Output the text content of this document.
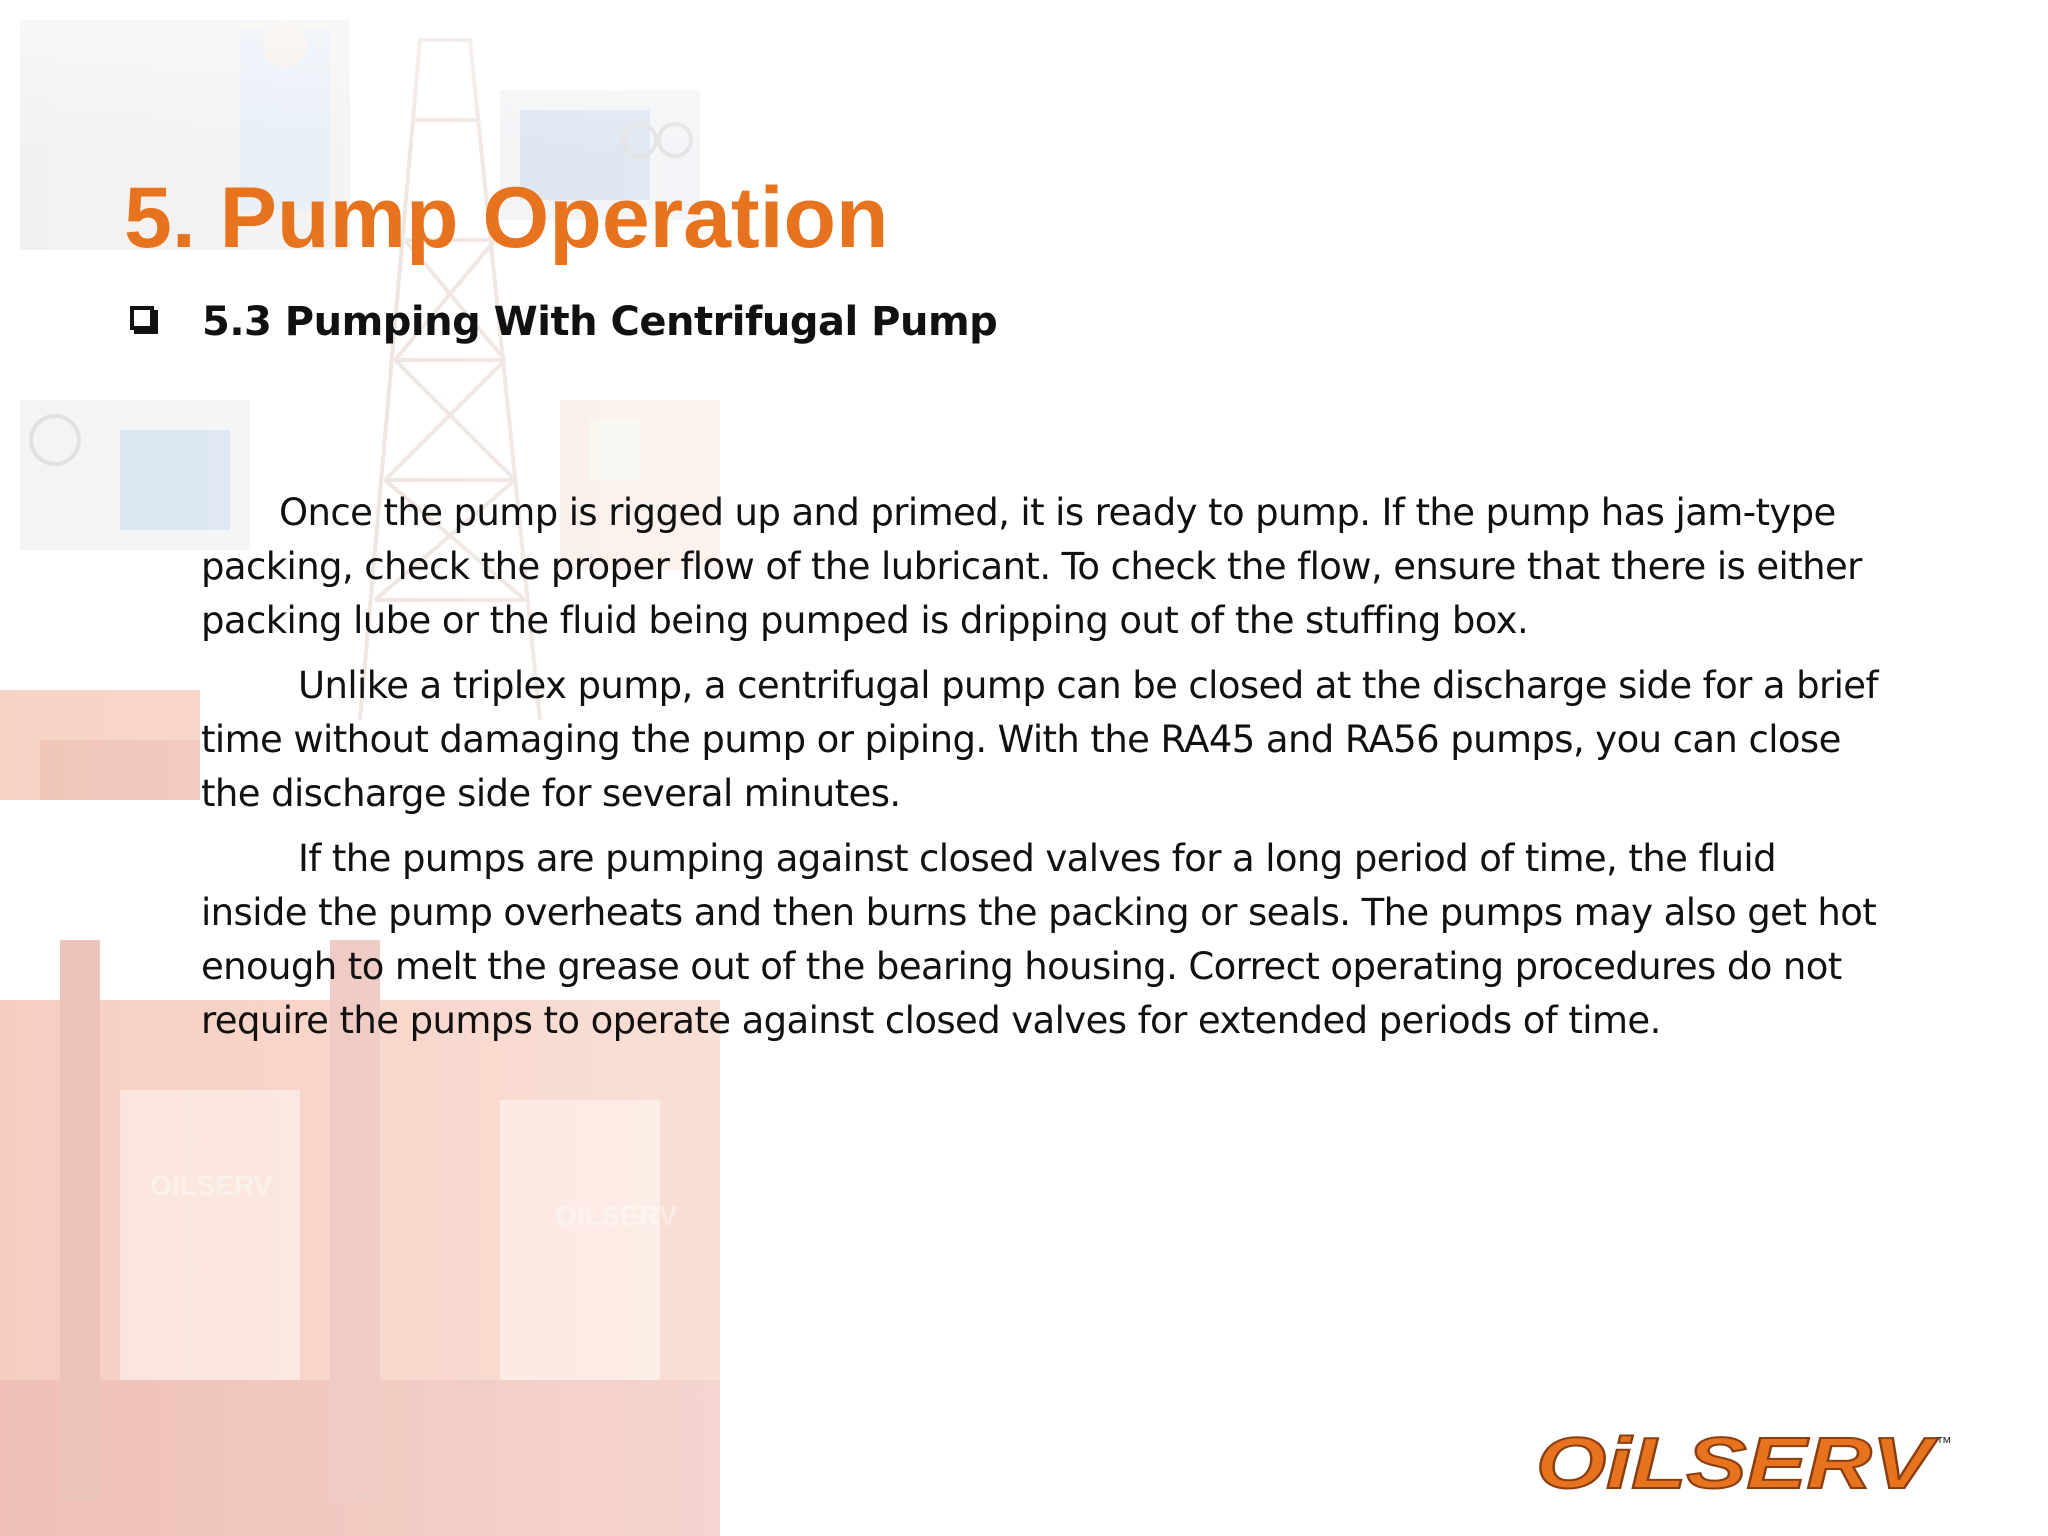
5. Pump Operation
5.3 Pumping With Centrifugal Pump

Once the pump is rigged up and primed, it is ready to pump. If the pump has jam-type
packing, check the proper flow of the lubricant. To check the flow, ensure that there is either
packing lube or the fluid being pumped is dripping out of the stuffing box.

Unlike a triplex pump, a centrifugal pump can be closed at the discharge side for a brief
time without damaging the pump or piping. With the RA45 and RA56 pumps, you can close
the discharge side for several minutes.

If the pumps are pumping against closed valves for a long period of time, the fluid
inside the pump overheats and then burns the packing or seals. The pumps may also get hot
enough to melt the grease out of the bearing housing. Correct operating procedures do not
require the pumps to operate against closed valves for extended periods of time.

OiLSERV
™
